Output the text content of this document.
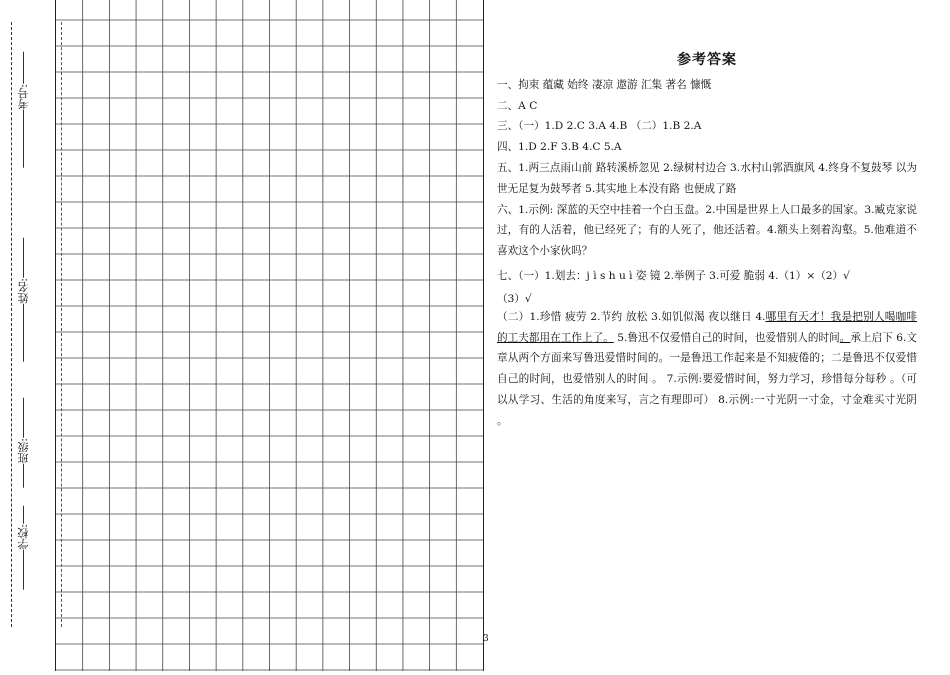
考号:
姓名:
班级:
学校:
3
参考答案

一、拘束 蕴藏 始终 凄凉 遨游 汇集 著名 慷慨

二、A C

三、（一）1.D 2.C 3.A 4.B （二）1.B 2.A

四、1.D 2.F 3.B 4.C 5.A

五、1.两三点雨山前 路转溪桥忽见 2.绿树村边合 3.水村山郭酒旗风 4.终身不复鼓琴 以为世无足复为鼓琴者 5.其实地上本没有路 也便成了路

六、1.示例: 深蓝的天空中挂着一个白玉盘。2.中国是世界上人口最多的国家。3.臧克家说过，有的人活着，他已经死了；有的人死了，他还活着。4.额头上刻着沟壑。5.他难道不喜欢这个小家伙吗？

七、（一）1.划去：j ì s h u ì 姿 镜 2.举例子 3.可爱 脆弱 4.（1）×（2）√

（3）√

（二）1.珍惜 疲劳 2.节约 放松 3.如饥似渴 夜以继日 4.哪里有天才！我是把别人喝咖啡的工夫都用在工作上了。 5.鲁迅不仅爱惜自己的时间，也爱惜别人的时间。承上启下 6.文章从两个方面来写鲁迅爱惜时间的。一是鲁迅工作起来是不知疲倦的；二是鲁迅不仅爱惜自己的时间，也爱惜别人的时间 。 7.示例:要爱惜时间，努力学习，珍惜每分每秒 。（可以从学习、生活的角度来写，言之有理即可） 8.示例:一寸光阴一寸金，寸金难买寸光阴 。
